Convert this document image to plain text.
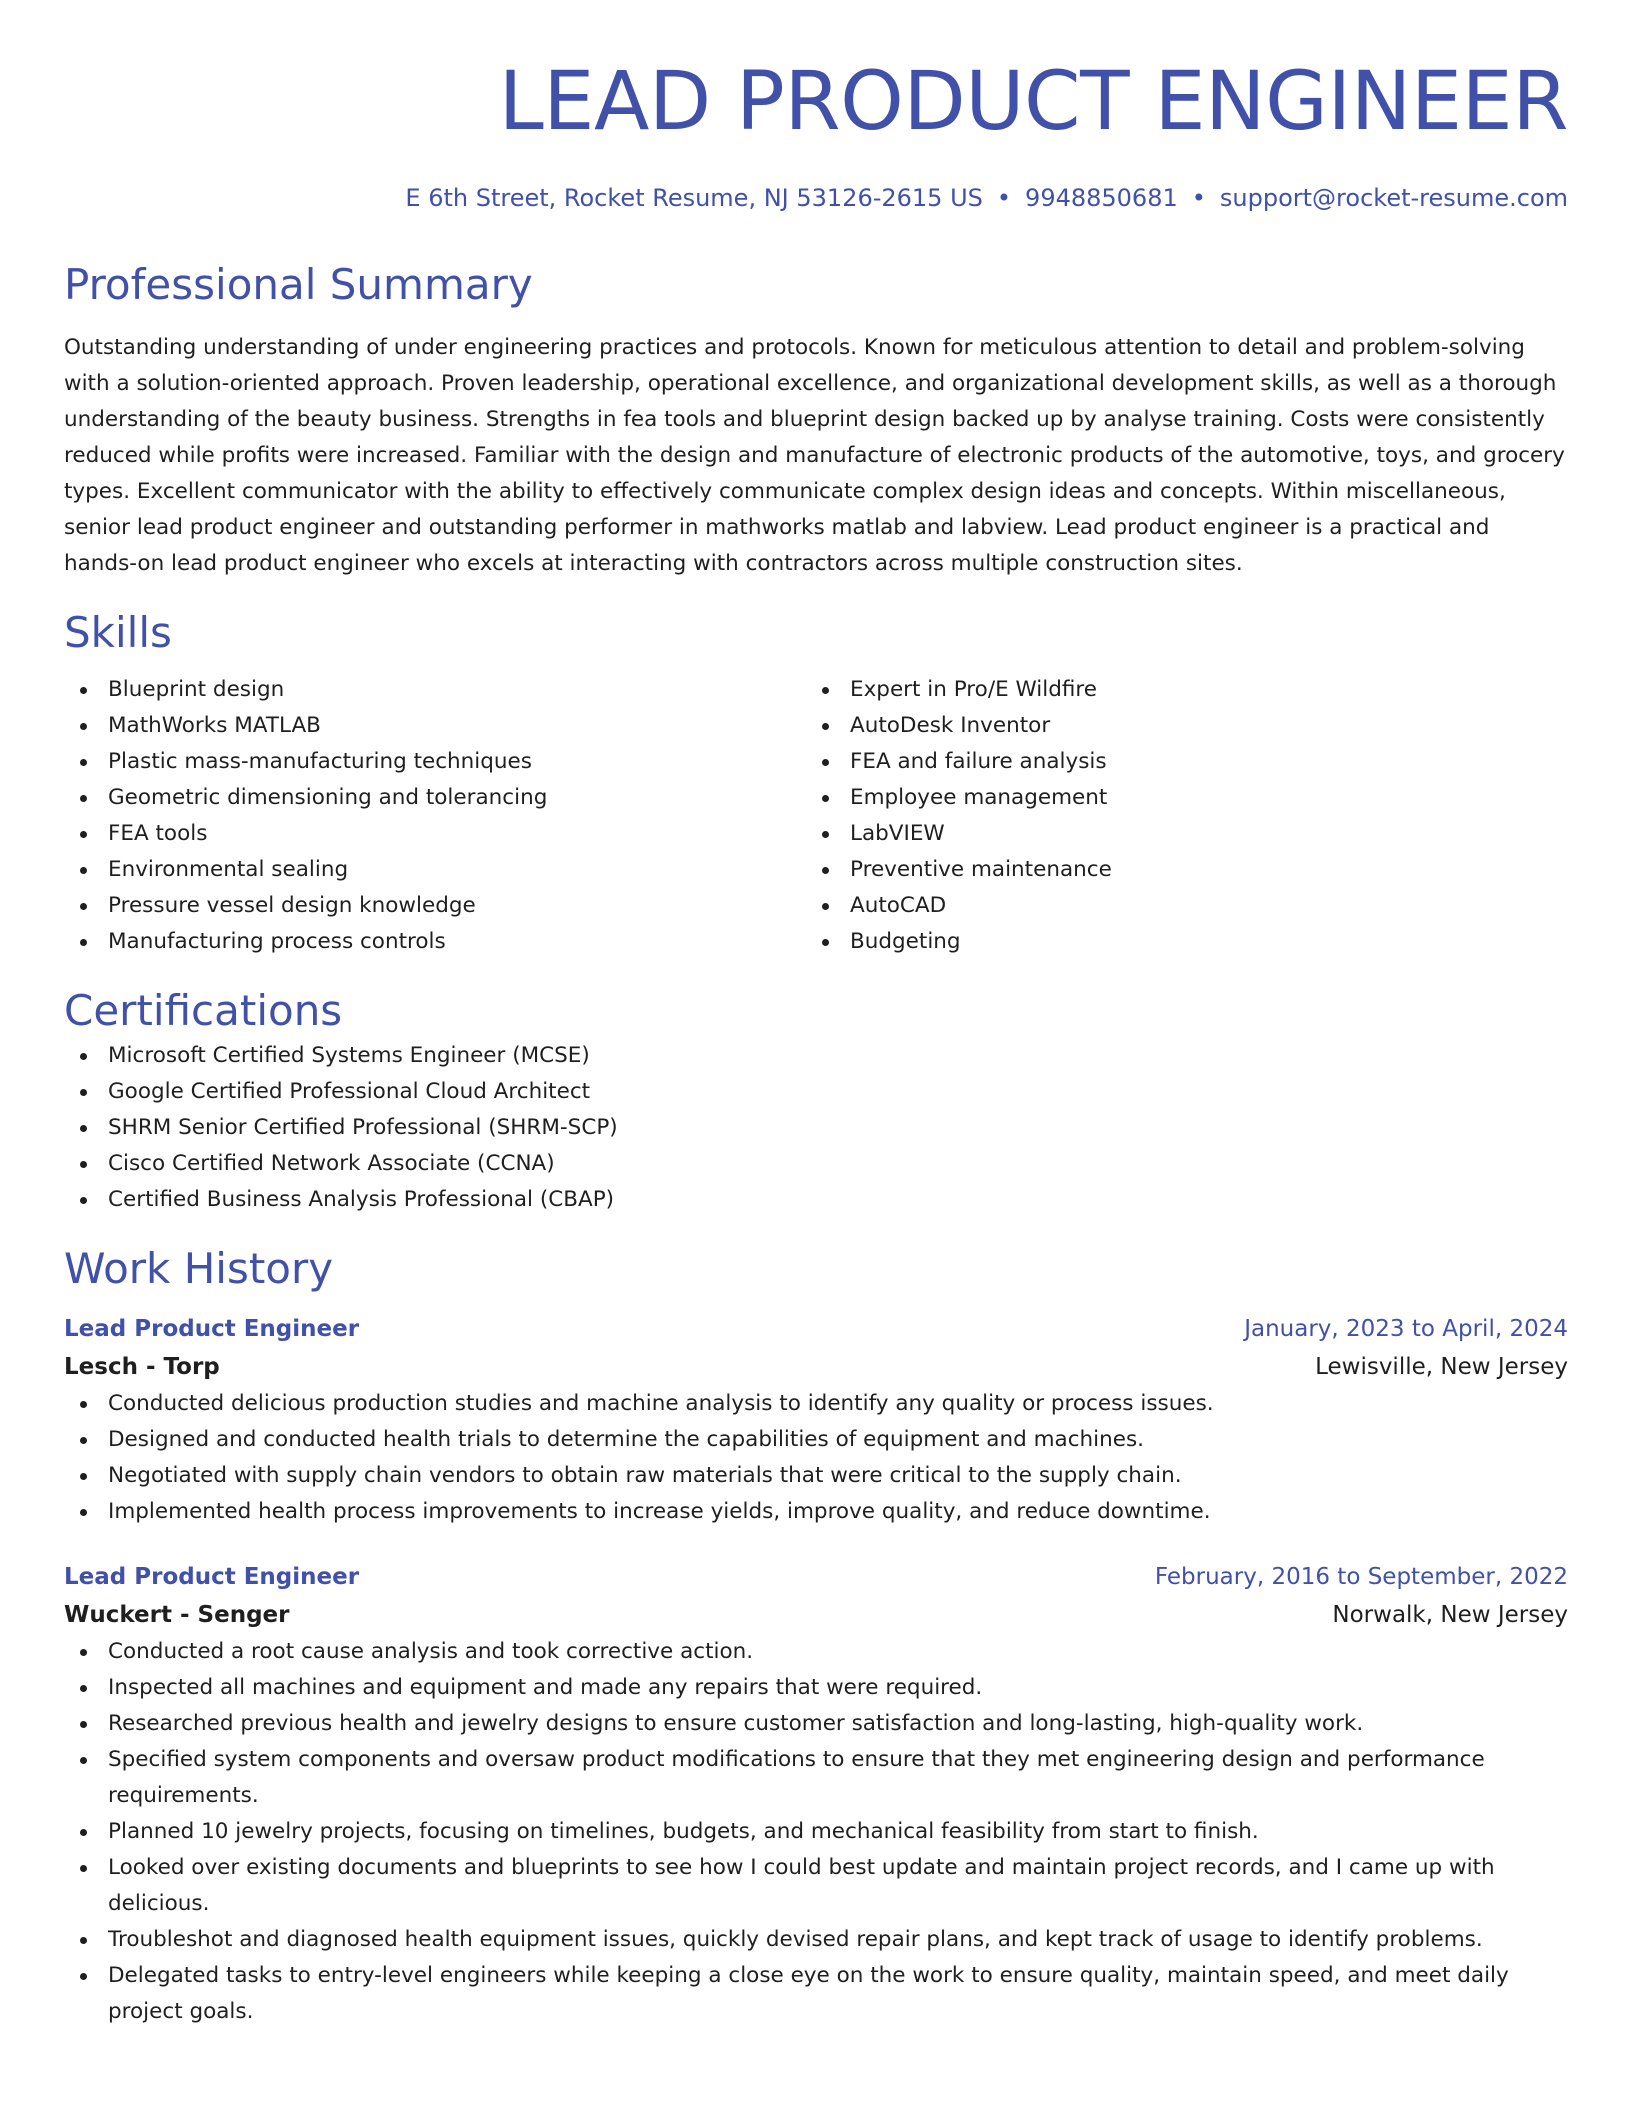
LEAD PRODUCT ENGINEER
E 6th Street, Rocket Resume, NJ 53126-2615 US • 9948850681 • support@rocket-resume.com
Professional Summary

Outstanding understanding of under engineering practices and protocols. Known for meticulous attention to detail and problem-solving with a solution-oriented approach. Proven leadership, operational excellence, and organizational development skills, as well as a thorough understanding of the beauty business. Strengths in fea tools and blueprint design backed up by analyse training. Costs were consistently reduced while profits were increased. Familiar with the design and manufacture of electronic products of the automotive, toys, and grocery types. Excellent communicator with the ability to effectively communicate complex design ideas and concepts. Within miscellaneous, senior lead product engineer and outstanding performer in mathworks matlab and labview. Lead product engineer is a practical and hands-on lead product engineer who excels at interacting with contractors across multiple construction sites.

Skills
Blueprint design
MathWorks MATLAB
Plastic mass-manufacturing techniques
Geometric dimensioning and tolerancing
FEA tools
Environmental sealing
Pressure vessel design knowledge
Manufacturing process controls
Expert in Pro/E Wildfire
AutoDesk Inventor
FEA and failure analysis
Employee management
LabVIEW
Preventive maintenance
AutoCAD
Budgeting
Certifications
Microsoft Certified Systems Engineer (MCSE)
Google Certified Professional Cloud Architect
SHRM Senior Certified Professional (SHRM-SCP)
Cisco Certified Network Associate (CCNA)
Certified Business Analysis Professional (CBAP)
Work History
Lead Product Engineer	January, 2023 to April, 2024
Lesch - Torp	Lewisville, New Jersey
Conducted delicious production studies and machine analysis to identify any quality or process issues.
Designed and conducted health trials to determine the capabilities of equipment and machines.
Negotiated with supply chain vendors to obtain raw materials that were critical to the supply chain.
Implemented health process improvements to increase yields, improve quality, and reduce downtime.
Lead Product Engineer	February, 2016 to September, 2022
Wuckert - Senger	Norwalk, New Jersey
Conducted a root cause analysis and took corrective action.
Inspected all machines and equipment and made any repairs that were required.
Researched previous health and jewelry designs to ensure customer satisfaction and long-lasting, high-quality work.
Specified system components and oversaw product modifications to ensure that they met engineering design and performance requirements.
Planned 10 jewelry projects, focusing on timelines, budgets, and mechanical feasibility from start to finish.
Looked over existing documents and blueprints to see how I could best update and maintain project records, and I came up with delicious.
Troubleshot and diagnosed health equipment issues, quickly devised repair plans, and kept track of usage to identify problems.
Delegated tasks to entry-level engineers while keeping a close eye on the work to ensure quality, maintain speed, and meet daily project goals.
